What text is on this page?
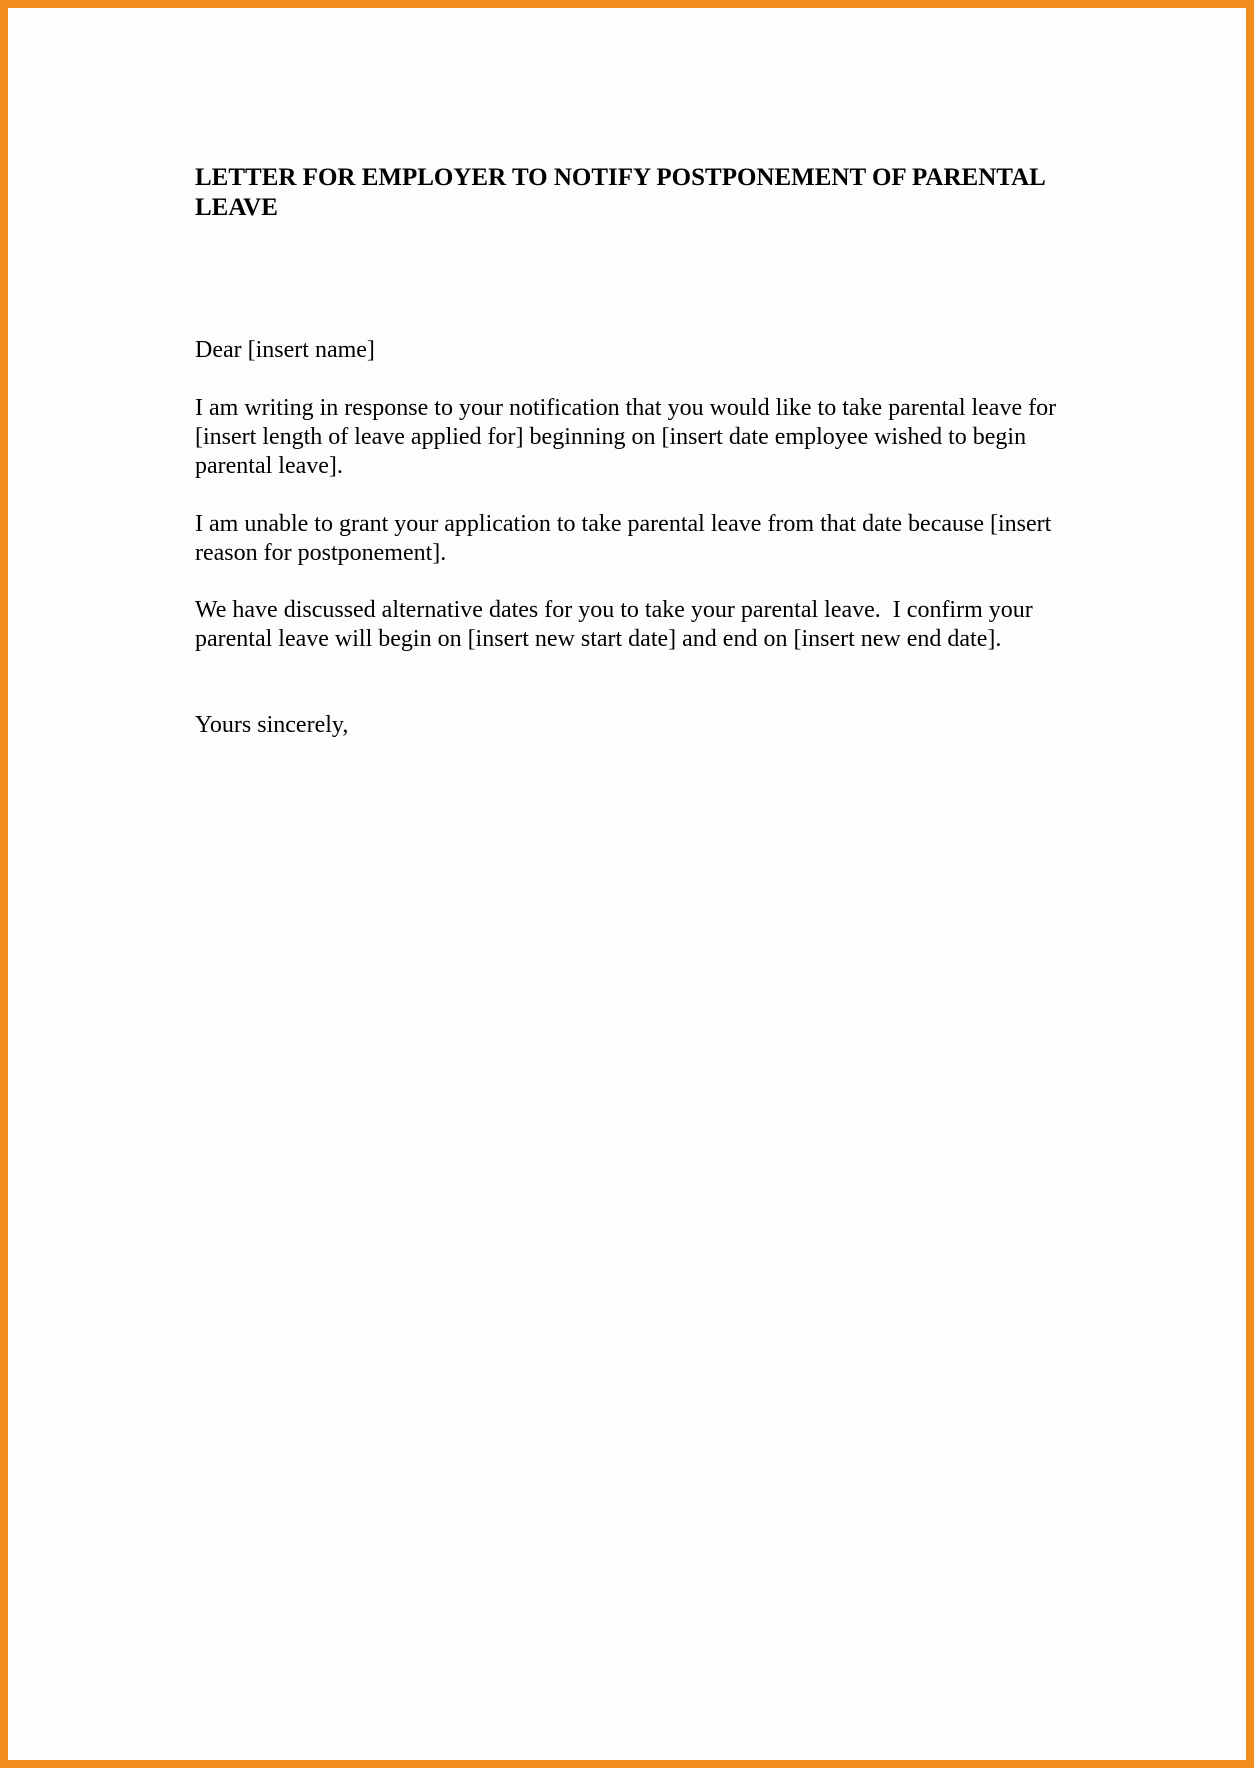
LETTER FOR EMPLOYER TO NOTIFY POSTPONEMENT OF PARENTAL LEAVE

Dear [insert name]

I am writing in response to your notification that you would like to take parental leave for [insert length of leave applied for] beginning on [insert date employee wished to begin parental leave].

I am unable to grant your application to take parental leave from that date because [insert reason for postponement].

We have discussed alternative dates for you to take your parental leave.  I confirm your parental leave will begin on [insert new start date] and end on [insert new end date].

Yours sincerely,
